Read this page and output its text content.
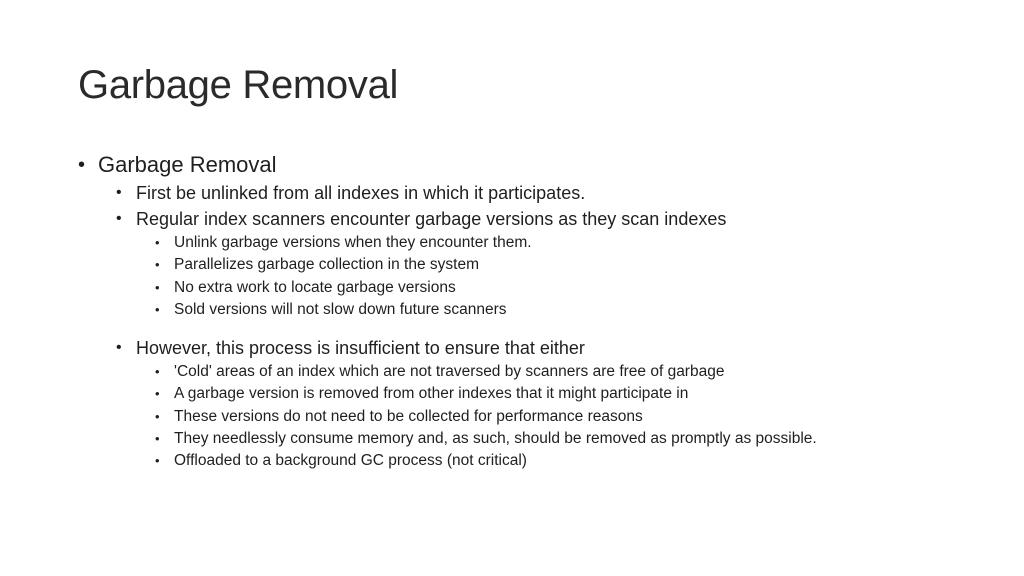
Garbage Removal
• Garbage Removal
• First be unlinked from all indexes in which it participates.
• Regular index scanners encounter garbage versions as they scan indexes
• Unlink garbage versions when they encounter them.
• Parallelizes garbage collection in the system
• No extra work to locate garbage versions
• Sold versions will not slow down future scanners
• However, this process is insufficient to ensure that either
• 'Cold' areas of an index which are not traversed by scanners are free of garbage
• A garbage version is removed from other indexes that it might participate in
• These versions do not need to be collected for performance reasons
• They needlessly consume memory and, as such, should be removed as promptly as possible.
• Offloaded to a background GC process (not critical)
